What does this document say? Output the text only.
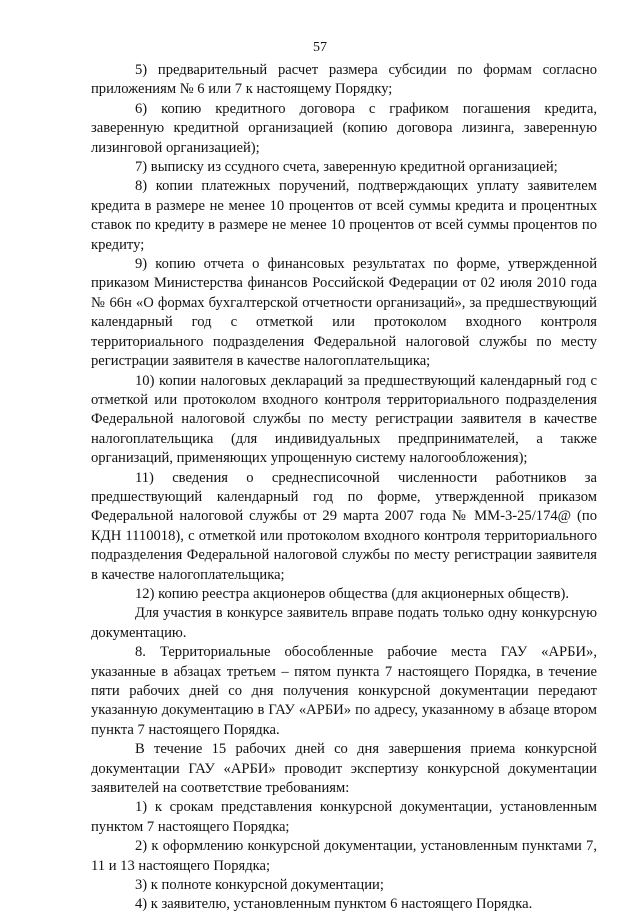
57

5) предварительный расчет размера субсидии по формам согласно приложениям № 6 или 7 к настоящему Порядку;

6) копию кредитного договора с графиком погашения кредита, заверенную кредитной организацией (копию договора лизинга, заверенную лизинговой организацией);

7) выписку из ссудного счета, заверенную кредитной организацией;

8) копии платежных поручений, подтверждающих уплату заявителем кредита в размере не менее 10 процентов от всей суммы кредита и процентных ставок по кредиту в размере не менее 10 процентов от всей суммы процентов по кредиту;

9) копию отчета о финансовых результатах по форме, утвержденной приказом Министерства финансов Российской Федерации от 02 июля 2010 года № 66н «О формах бухгалтерской отчетности организаций», за предшествующий календарный год с отметкой или протоколом входного контроля территориального подразделения Федеральной налоговой службы по месту регистрации заявителя в качестве налогоплательщика;

10) копии налоговых деклараций за предшествующий календарный год с отметкой или протоколом входного контроля территориального подразделения Федеральной налоговой службы по месту регистрации заявителя в качестве налогоплательщика (для индивидуальных предпринимателей, а также организаций, применяющих упрощенную систему налогообложения);

11) сведения о среднесписочной численности работников за предшествующий календарный год по форме, утвержденной приказом Федеральной налоговой службы от 29 марта 2007 года № ММ-3-25/174@ (по КДН 1110018), с отметкой или протоколом входного контроля территориального подразделения Федеральной налоговой службы по месту регистрации заявителя в качестве налогоплательщика;

12) копию реестра акционеров общества (для акционерных обществ).

Для участия в конкурсе заявитель вправе подать только одну конкурсную документацию.

8. Территориальные обособленные рабочие места ГАУ «АРБИ», указанные в абзацах третьем – пятом пункта 7 настоящего Порядка, в течение пяти рабочих дней со дня получения конкурсной документации передают указанную документацию в ГАУ «АРБИ» по адресу, указанному в абзаце втором пункта 7 настоящего Порядка.

В течение 15 рабочих дней со дня завершения приема конкурсной документации ГАУ «АРБИ» проводит экспертизу конкурсной документации заявителей на соответствие требованиям:

1) к срокам представления конкурсной документации, установленным пунктом 7 настоящего Порядка;

2) к оформлению конкурсной документации, установленным пунктами 7, 11 и 13 настоящего Порядка;

3) к полноте конкурсной документации;

4) к заявителю, установленным пунктом 6 настоящего Порядка.
